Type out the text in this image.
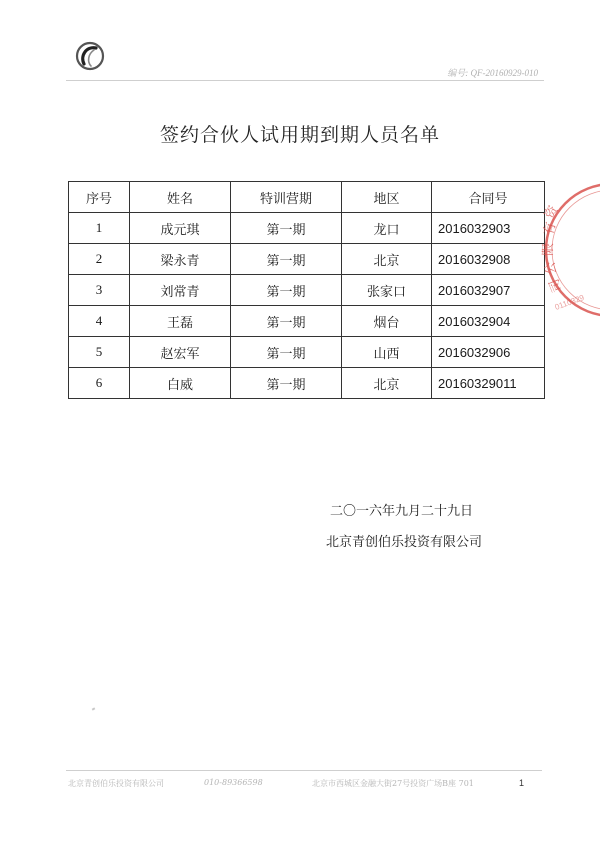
编号: QF-20160929-010
签约合伙人试用期到期人员名单
序号	姓名	特训营期	地区	合同号
1	成元琪	第一期	龙口	2016032903
2	梁永青	第一期	北京	2016032908
3	刘常青	第一期	张家口	2016032907
4	王磊	第一期	烟台	2016032904
5	赵宏军	第一期	山西	2016032906
6	白威	第一期	北京	20160329011
资
有
限
公
司
0110329
二〇一六年九月二十九日
北京青创伯乐投资有限公司
北京青创伯乐投资有限公司	010-89366598	北京市西城区金融大街27号投资广场B座 701	1
